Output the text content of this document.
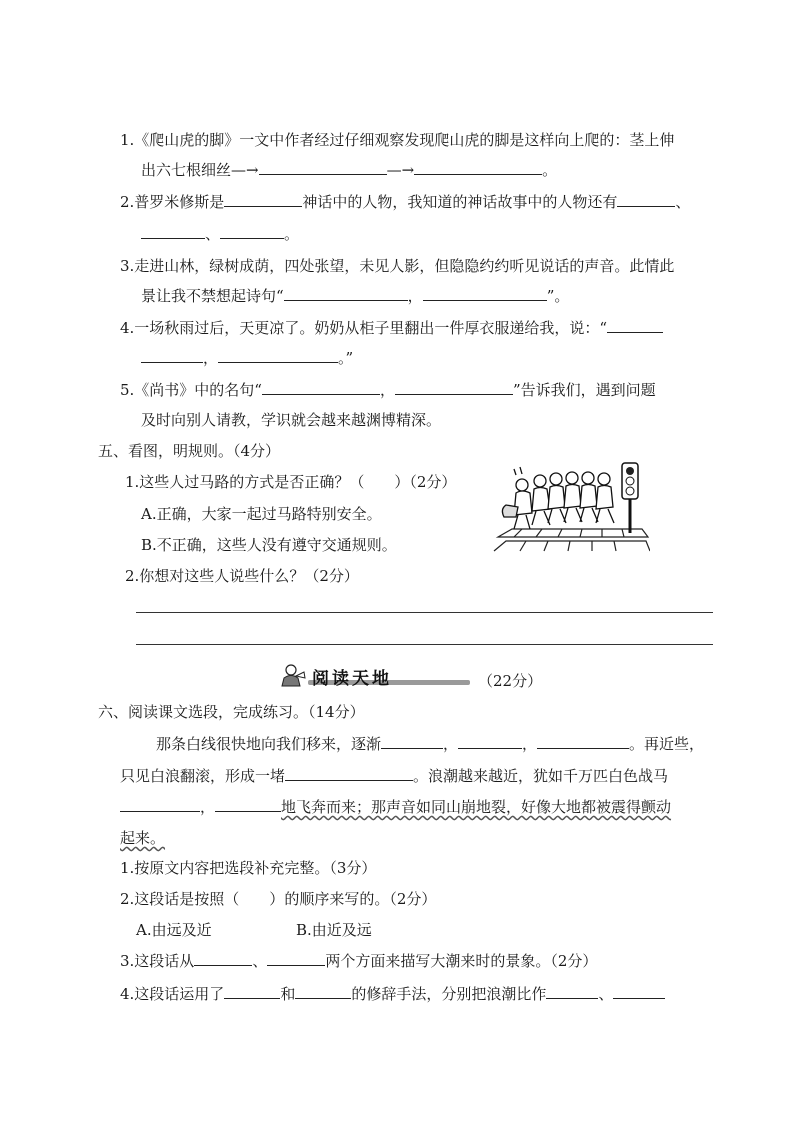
1.《爬山虎的脚》一文中作者经过仔细观察发现爬山虎的脚是这样向上爬的：茎上伸
出六七根细丝—→	—→	。
2.普罗米修斯是	神话中的人物，我知道的神话故事中的人物还有	、
、	。
3.走进山林，绿树成荫，四处张望，未见人影，但隐隐约约听见说话的声音。此情此
景让我不禁想起诗句“	，	”。
4.一场秋雨过后，天更凉了。奶奶从柜子里翻出一件厚衣服递给我，说：“
，	。”
5.《尚书》中的名句“	，	”告诉我们，遇到问题
及时向别人请教，学识就会越来越渊博精深。
五、看图，明规则。（4分）
1.这些人过马路的方式是否正确？（　　）（2分）
A.正确，大家一起过马路特别安全。
B.不正确，这些人没有遵守交通规则。
2.你想对这些人说些什么？（2分）
阅读天地	（22分）
六、阅读课文选段，完成练习。（14分）
那条白线很快地向我们移来，逐渐	，	，	。再近些，
只见白浪翻滚，形成一堵	。浪潮越来越近，犹如千万匹白色战马
，	地飞奔而来；那声音如同山崩地裂，好像大地都被震得颤动
起来。
1.按原文内容把选段补充完整。（3分）
2.这段话是按照（　　）的顺序来写的。（2分）
A.由远及近	B.由近及远
3.这段话从	、	两个方面来描写大潮来时的景象。（2分）
4.这段话运用了	和	的修辞手法，分别把浪潮比作	、
